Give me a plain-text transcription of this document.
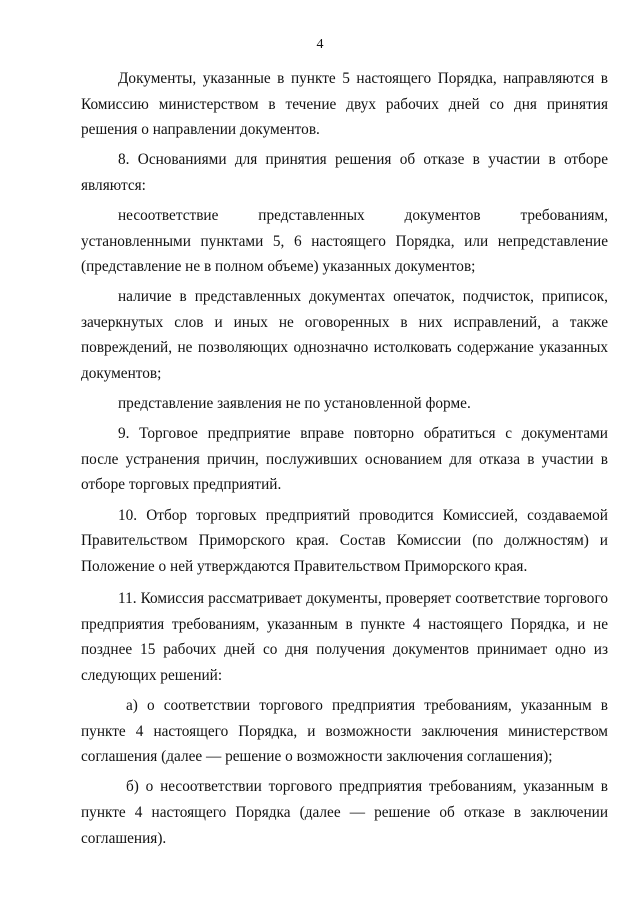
4

Документы, указанные в пункте 5 настоящего Порядка, направляются в Комиссию министерством в течение двух рабочих дней со дня принятия решения о направлении документов.

8. Основаниями для принятия решения об отказе в участии в отборе являются:

несоответствие представленных документов требованиям, установленными пунктами 5, 6 настоящего Порядка, или непредставление (представление не в полном объеме) указанных документов;

наличие в представленных документах опечаток, подчисток, приписок, зачеркнутых слов и иных не оговоренных в них исправлений, а также повреждений, не позволяющих однозначно истолковать содержание указанных документов;

представление заявления не по установленной форме.

9. Торговое предприятие вправе повторно обратиться с документами после устранения причин, послуживших основанием для отказа в участии в отборе торговых предприятий.

10. Отбор торговых предприятий проводится Комиссией, создаваемой Правительством Приморского края. Состав Комиссии (по должностям) и Положение о ней утверждаются Правительством Приморского края.

11. Комиссия рассматривает документы, проверяет соответствие торгового предприятия требованиям, указанным в пункте 4 настоящего Порядка, и не позднее 15 рабочих дней со дня получения документов принимает одно из следующих решений:

а) о соответствии торгового предприятия требованиям, указанным в пункте 4 настоящего Порядка, и возможности заключения министерством соглашения (далее — решение о возможности заключения соглашения);

б) о несоответствии торгового предприятия требованиям, указанным в пункте 4 настоящего Порядка (далее — решение об отказе в заключении соглашения).
